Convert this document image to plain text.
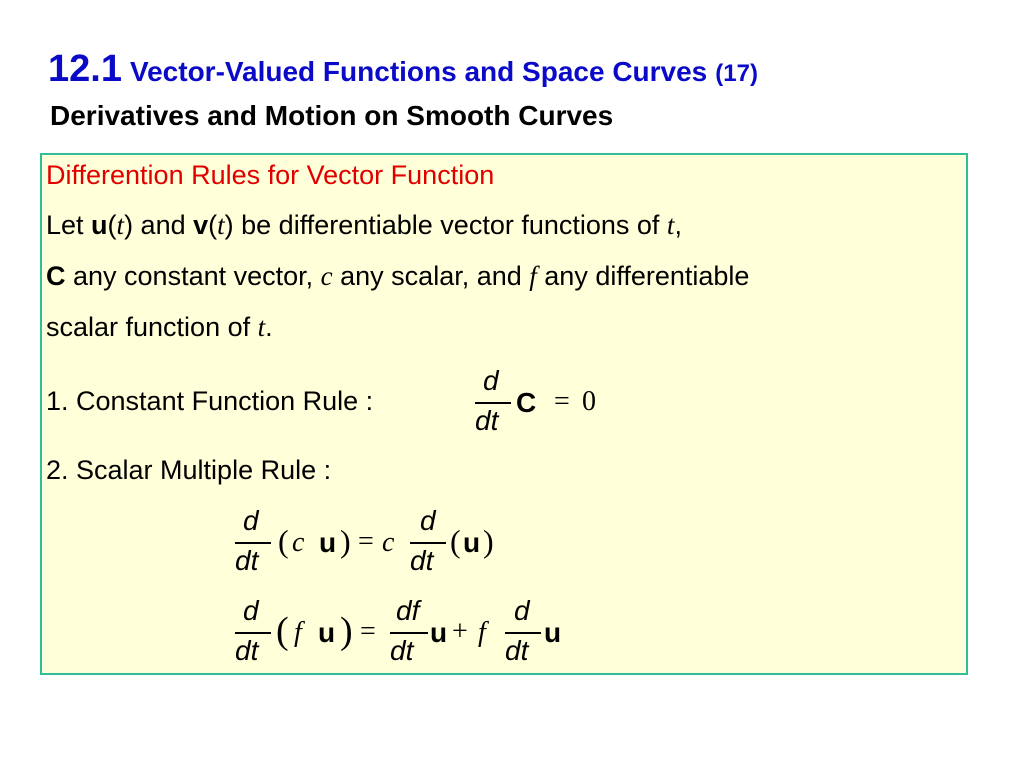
12.1 Vector-Valued Functions and Space Curves (17)
Derivatives and Motion on Smooth Curves
Differention Rules for Vector Function
Let u(t) and v(t) be differentiable vector functions of t,
C any constant vector, c any scalar, and f any differentiable
scalar function of t.
1. Constant Function Rule :
d
dt
C = 0
2. Scalar Multiple Rule :
d
dt
( c u ) = c
d
dt
( u )
d
dt ( f u ) =
df
dt
u + f
d
dt
u
